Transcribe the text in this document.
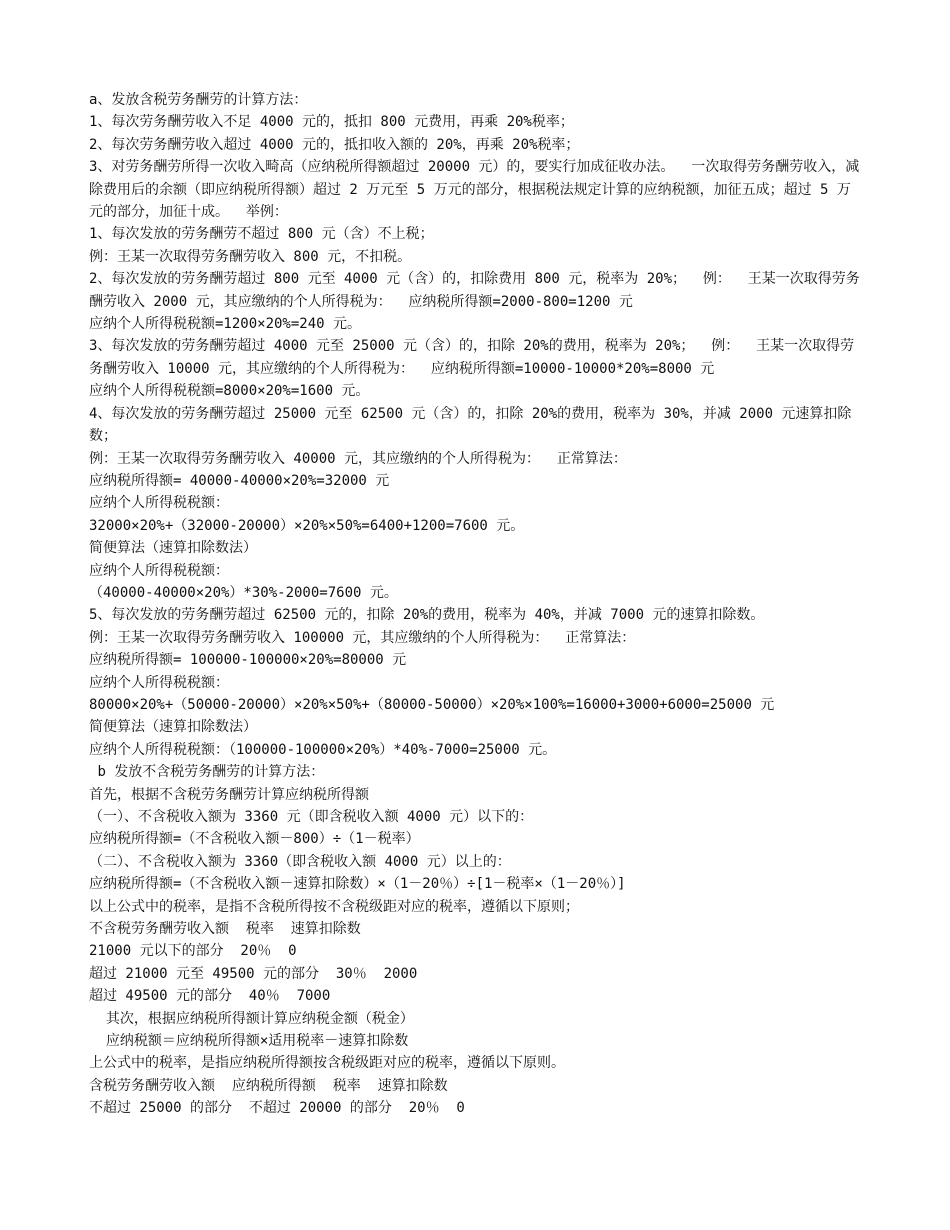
a、发放含税劳务酬劳的计算方法：
1、每次劳务酬劳收入不足 4000 元的，抵扣 800 元费用，再乘 20%税率；
2、每次劳务酬劳收入超过 4000 元的，抵扣收入额的 20%，再乘 20%税率；
3、对劳务酬劳所得一次收入畸高（应纳税所得额超过 20000 元）的，要实行加成征收办法。  一次取得劳务酬劳收入，减除费用后的余额（即应纳税所得额）超过 2 万元至 5 万元的部分，根据税法规定计算的应纳税额，加征五成；超过 5 万元的部分，加征十成。  举例：
1、每次发放的劳务酬劳不超过 800 元（含）不上税；
例：王某一次取得劳务酬劳收入 800 元，不扣税。
2、每次发放的劳务酬劳超过 800 元至 4000 元（含）的，扣除费用 800 元，税率为 20%；  例：  王某一次取得劳务酬劳收入 2000 元，其应缴纳的个人所得税为：  应纳税所得额=2000-800=1200 元
应纳个人所得税税额=1200×20%=240 元。
3、每次发放的劳务酬劳超过 4000 元至 25000 元（含）的，扣除 20%的费用，税率为 20%；  例：  王某一次取得劳务酬劳收入 10000 元，其应缴纳的个人所得税为：  应纳税所得额=10000-10000*20%=8000 元
应纳个人所得税税额=8000×20%=1600 元。
4、每次发放的劳务酬劳超过 25000 元至 62500 元（含）的，扣除 20%的费用，税率为 30%，并减 2000 元速算扣除数；
例：王某一次取得劳务酬劳收入 40000 元，其应缴纳的个人所得税为：  正常算法：
应纳税所得额= 40000-40000×20%=32000 元
应纳个人所得税税额：
32000×20%+（32000-20000）×20%×50%=6400+1200=7600 元。
简便算法（速算扣除数法）
应纳个人所得税税额：
（40000-40000×20%）*30%-2000=7600 元。
5、每次发放的劳务酬劳超过 62500 元的，扣除 20%的费用，税率为 40%，并减 7000 元的速算扣除数。
例：王某一次取得劳务酬劳收入 100000 元，其应缴纳的个人所得税为：  正常算法：
应纳税所得额= 100000-100000×20%=80000 元
应纳个人所得税税额：
80000×20%+（50000-20000）×20%×50%+（80000-50000）×20%×100%=16000+3000+6000=25000 元
简便算法（速算扣除数法）
应纳个人所得税税额：（100000-100000×20%）*40%-7000=25000 元。
b 发放不含税劳务酬劳的计算方法：
首先，根据不含税劳务酬劳计算应纳税所得额
（一）、不含税收入额为 3360 元（即含税收入额 4000 元）以下的：
应纳税所得额=（不含税收入额－800）÷（1－税率）
（二）、不含税收入额为 3360（即含税收入额 4000 元）以上的：
应纳税所得额=（不含税收入额－速算扣除数）×（1－20％）÷[1－税率×（1－20％）]
以上公式中的税率，是指不含税所得按不含税级距对应的税率，遵循以下原则；
不含税劳务酬劳收入额  税率  速算扣除数
21000 元以下的部分  20％  0
超过 21000 元至 49500 元的部分  30％  2000
超过 49500 元的部分  40％  7000
其次，根据应纳税所得额计算应纳税金额（税金）
应纳税额＝应纳税所得额×适用税率－速算扣除数
上公式中的税率，是指应纳税所得额按含税级距对应的税率，遵循以下原则。
含税劳务酬劳收入额  应纳税所得额  税率  速算扣除数
不超过 25000 的部分  不超过 20000 的部分  20％  0
